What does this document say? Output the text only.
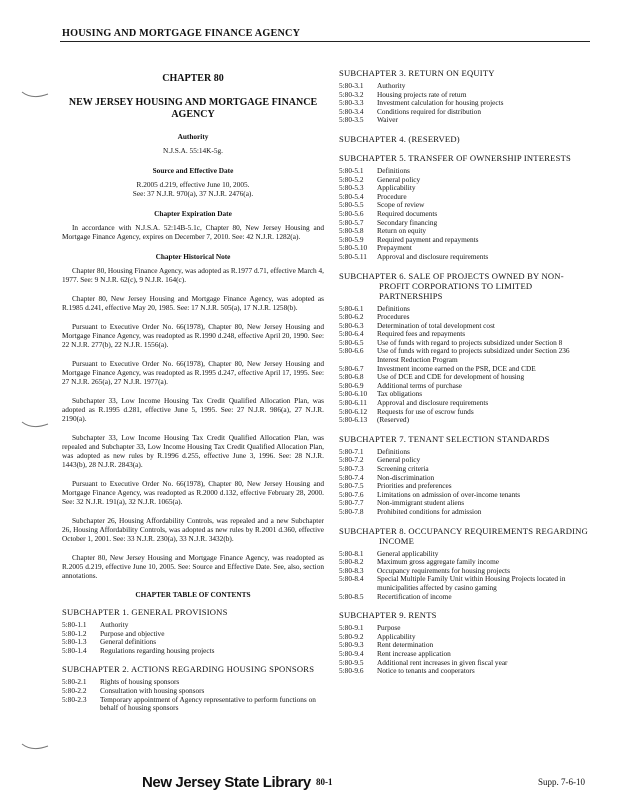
HOUSING AND MORTGAGE FINANCE AGENCY
CHAPTER 80
NEW JERSEY HOUSING AND MORTGAGE FINANCE AGENCY
Authority
N.J.S.A. 55:14K-5g.
Source and Effective Date
R.2005 d.219, effective June 10, 2005.
See: 37 N.J.R. 970(a), 37 N.J.R. 2476(a).
Chapter Expiration Date
In accordance with N.J.S.A. 52:14B-5.1c, Chapter 80, New Jersey Housing and Mortgage Finance Agency, expires on December 7, 2010. See: 42 N.J.R. 1282(a).
Chapter Historical Note
Chapter 80, Housing Finance Agency, was adopted as R.1977 d.71, effective March 4, 1977. See: 9 N.J.R. 62(c), 9 N.J.R. 164(c).
Chapter 80, New Jersey Housing and Mortgage Finance Agency, was adopted as R.1985 d.241, effective May 20, 1985. See: 17 N.J.R. 505(a), 17 N.J.R. 1258(b).
Pursuant to Executive Order No. 66(1978), Chapter 80, New Jersey Housing and Mortgage Finance Agency, was readopted as R.1990 d.248, effective April 20, 1990. See: 22 N.J.R. 277(b), 22 N.J.R. 1556(a).
Pursuant to Executive Order No. 66(1978), Chapter 80, New Jersey Housing and Mortgage Finance Agency, was readopted as R.1995 d.247, effective April 17, 1995. See: 27 N.J.R. 265(a), 27 N.J.R. 1977(a).
Subchapter 33, Low Income Housing Tax Credit Qualified Allocation Plan, was adopted as R.1995 d.281, effective June 5, 1995. See: 27 N.J.R. 986(a), 27 N.J.R. 2190(a).
Subchapter 33, Low Income Housing Tax Credit Qualified Allocation Plan, was repealed and Subchapter 33, Low Income Housing Tax Credit Qualified Allocation Plan, was adopted as new rules by R.1996 d.255, effective June 3, 1996. See: 28 N.J.R. 1443(b), 28 N.J.R. 2843(a).
Pursuant to Executive Order No. 66(1978), Chapter 80, New Jersey Housing and Mortgage Finance Agency, was readopted as R.2000 d.132, effective February 28, 2000. See: 32 N.J.R. 191(a), 32 N.J.R. 1065(a).
Subchapter 26, Housing Affordability Controls, was repealed and a new Subchapter 26, Housing Affordability Controls, was adopted as new rules by R.2001 d.360, effective October 1, 2001. See: 33 N.J.R. 230(a), 33 N.J.R. 3432(b).
Chapter 80, New Jersey Housing and Mortgage Finance Agency, was readopted as R.2005 d.219, effective June 10, 2005. See: Source and Effective Date. See, also, section annotations.
CHAPTER TABLE OF CONTENTS
SUBCHAPTER 1. GENERAL PROVISIONS
5:80-1.1	Authority
5:80-1.2	Purpose and objective
5:80-1.3	General definitions
5:80-1.4	Regulations regarding housing projects
SUBCHAPTER 2. ACTIONS REGARDING HOUSING SPONSORS
5:80-2.1	Rights of housing sponsors
5:80-2.2	Consultation with housing sponsors
5:80-2.3	Temporary appointment of Agency representative to perform functions on behalf of housing sponsors
SUBCHAPTER 3. RETURN ON EQUITY
5:80-3.1	Authority
5:80-3.2	Housing projects rate of return
5:80-3.3	Investment calculation for housing projects
5:80-3.4	Conditions required for distribution
5:80-3.5	Waiver
SUBCHAPTER 4. (RESERVED)
SUBCHAPTER 5. TRANSFER OF OWNERSHIP INTERESTS
5:80-5.1	Definitions
5:80-5.2	General policy
5:80-5.3	Applicability
5:80-5.4	Procedure
5:80-5.5	Scope of review
5:80-5.6	Required documents
5:80-5.7	Secondary financing
5:80-5.8	Return on equity
5:80-5.9	Required payment and repayments
5:80-5.10	Prepayment
5:80-5.11	Approval and disclosure requirements
SUBCHAPTER 6. SALE OF PROJECTS OWNED BY NON-PROFIT CORPORATIONS TO LIMITED PARTNERSHIPS
5:80-6.1	Definitions
5:80-6.2	Procedures
5:80-6.3	Determination of total development cost
5:80-6.4	Required fees and repayments
5:80-6.5	Use of funds with regard to projects subsidized under Section 8
5:80-6.6	Use of funds with regard to projects subsidized under Section 236 Interest Reduction Program
5:80-6.7	Investment income earned on the PSR, DCE and CDE
5:80-6.8	Use of DCE and CDE for development of housing
5:80-6.9	Additional terms of purchase
5:80-6.10	Tax obligations
5:80-6.11	Approval and disclosure requirements
5:80-6.12	Requests for use of escrow funds
5:80-6.13	(Reserved)
SUBCHAPTER 7. TENANT SELECTION STANDARDS
5:80-7.1	Definitions
5:80-7.2	General policy
5:80-7.3	Screening criteria
5:80-7.4	Non-discrimination
5:80-7.5	Priorities and preferences
5:80-7.6	Limitations on admission of over-income tenants
5:80-7.7	Non-immigrant student aliens
5:80-7.8	Prohibited conditions for admission
SUBCHAPTER 8. OCCUPANCY REQUIREMENTS REGARDING INCOME
5:80-8.1	General applicability
5:80-8.2	Maximum gross aggregate family income
5:80-8.3	Occupancy requirements for housing projects
5:80-8.4	Special Multiple Family Unit within Housing Projects located in municipalities affected by casino gaming
5:80-8.5	Recertification of income
SUBCHAPTER 9. RENTS
5:80-9.1	Purpose
5:80-9.2	Applicability
5:80-9.3	Rent determination
5:80-9.4	Rent increase application
5:80-9.5	Additional rent increases in given fiscal year
5:80-9.6	Notice to tenants and cooperators
New Jersey State Library 80-1	Supp. 7-6-10
